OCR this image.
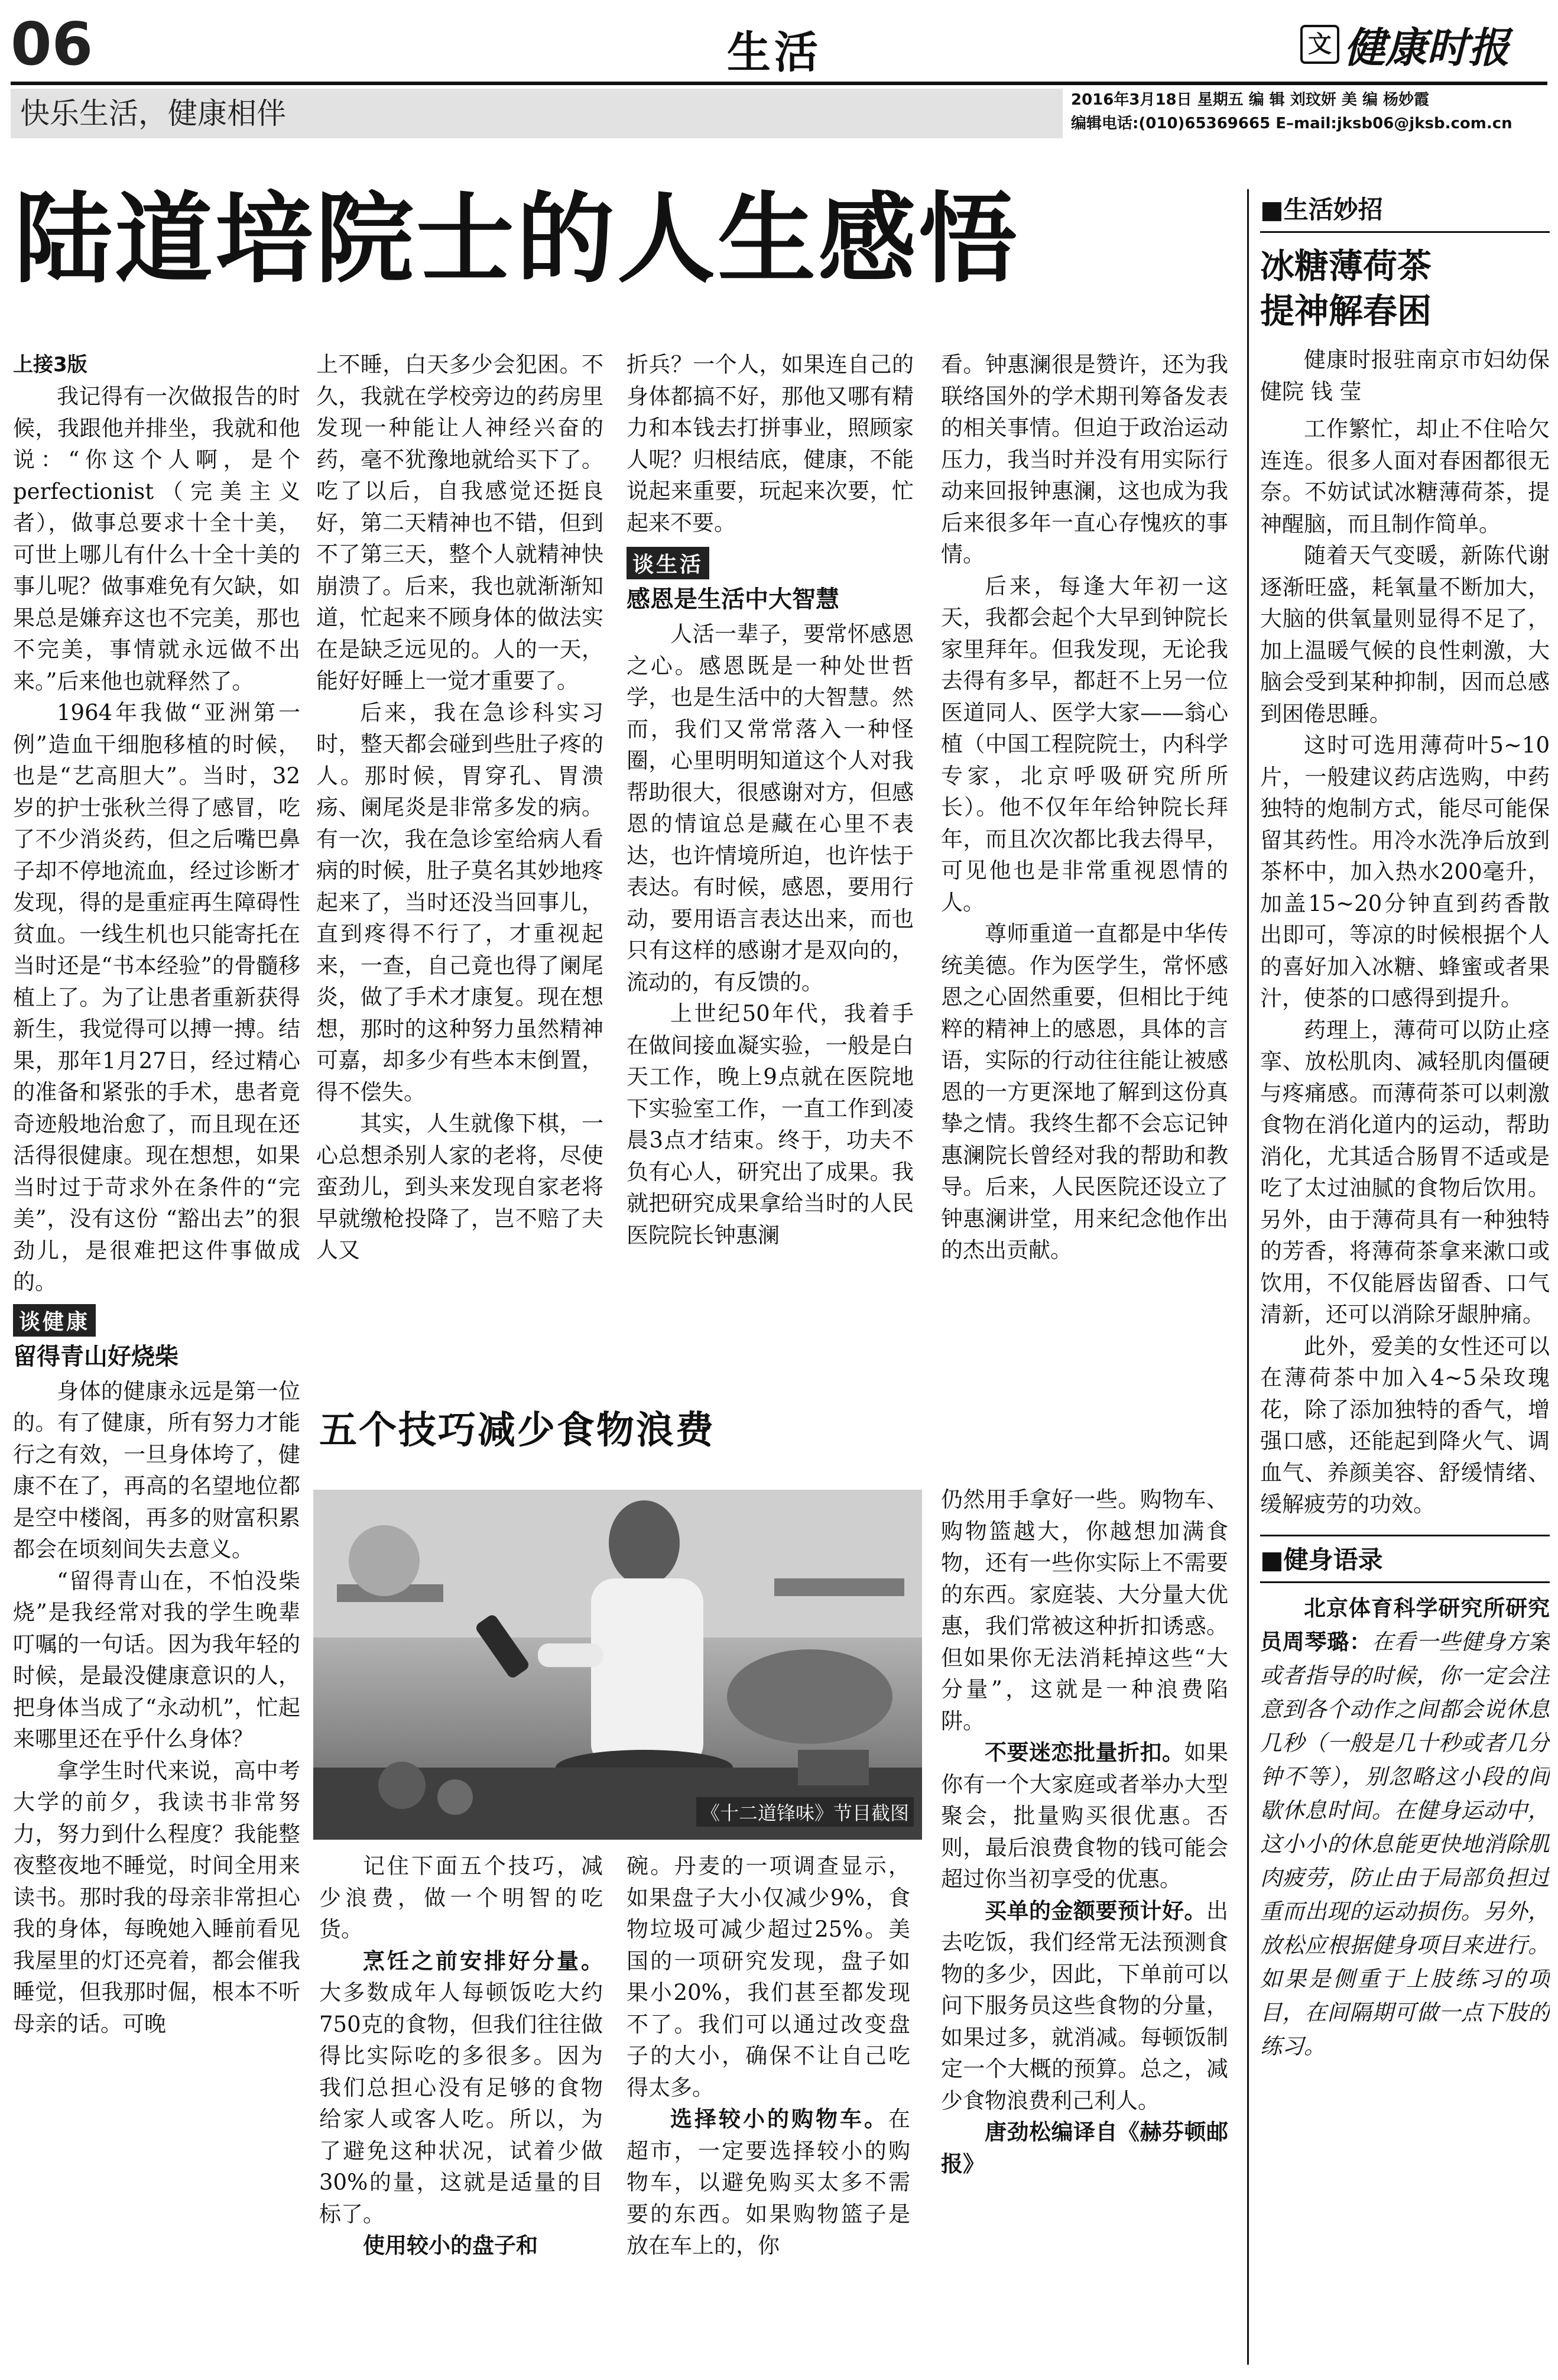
06	生活	文 健康时报
快乐生活，健康相伴	2016年3月18日 星期五 编 辑 刘玟妍 美 编 杨妙霞
编辑电话:(010)65369665 E–mail:jksb06@jksb.com.cn
陆道培院士的人生感悟
上接3版

我记得有一次做报告的时候，我跟他并排坐，我就和他说：“你这个人啊，是个perfectionist（完美主义者），做事总要求十全十美，可世上哪儿有什么十全十美的事儿呢？做事难免有欠缺，如果总是嫌弃这也不完美，那也不完美，事情就永远做不出来。”后来他也就释然了。

1964年我做“亚洲第一例”造血干细胞移植的时候，也是“艺高胆大”。当时，32岁的护士张秋兰得了感冒，吃了不少消炎药，但之后嘴巴鼻子却不停地流血，经过诊断才发现，得的是重症再生障碍性贫血。一线生机也只能寄托在当时还是“书本经验”的骨髓移植上了。为了让患者重新获得新生，我觉得可以搏一搏。结果，那年1月27日，经过精心的准备和紧张的手术，患者竟奇迹般地治愈了，而且现在还活得很健康。现在想想，如果当时过于苛求外在条件的“完美”，没有这份 “豁出去”的狠劲儿，是很难把这件事做成的。

谈健康
留得青山好烧柴

身体的健康永远是第一位的。有了健康，所有努力才能行之有效，一旦身体垮了，健康不在了，再高的名望地位都是空中楼阁，再多的财富积累都会在顷刻间失去意义。

“留得青山在，不怕没柴烧”是我经常对我的学生晚辈叮嘱的一句话。因为我年轻的时候，是最没健康意识的人，把身体当成了“永动机”，忙起来哪里还在乎什么身体？

拿学生时代来说，高中考大学的前夕，我读书非常努力，努力到什么程度？我能整夜整夜地不睡觉，时间全用来读书。那时我的母亲非常担心我的身体，每晚她入睡前看见我屋里的灯还亮着，都会催我睡觉，但我那时倔，根本不听母亲的话。可晚

上不睡，白天多少会犯困。不久，我就在学校旁边的药房里发现一种能让人神经兴奋的药，毫不犹豫地就给买下了。吃了以后，自我感觉还挺良好，第二天精神也不错，但到不了第三天，整个人就精神快崩溃了。后来，我也就渐渐知道，忙起来不顾身体的做法实在是缺乏远见的。人的一天，能好好睡上一觉才重要了。

后来，我在急诊科实习时，整天都会碰到些肚子疼的人。那时候，胃穿孔、胃溃疡、阑尾炎是非常多发的病。有一次，我在急诊室给病人看病的时候，肚子莫名其妙地疼起来了，当时还没当回事儿，直到疼得不行了，才重视起来，一查，自己竟也得了阑尾炎，做了手术才康复。现在想想，那时的这种努力虽然精神可嘉，却多少有些本末倒置，得不偿失。

其实，人生就像下棋，一心总想杀别人家的老将，尽使蛮劲儿，到头来发现自家老将早就缴枪投降了，岂不赔了夫人又

折兵？一个人，如果连自己的身体都搞不好，那他又哪有精力和本钱去打拼事业，照顾家人呢？归根结底，健康，不能说起来重要，玩起来次要，忙起来不要。

谈生活
感恩是生活中大智慧

人活一辈子，要常怀感恩之心。感恩既是一种处世哲学，也是生活中的大智慧。然而，我们又常常落入一种怪圈，心里明明知道这个人对我帮助很大，很感谢对方，但感恩的情谊总是藏在心里不表达，也许情境所迫，也许怯于表达。有时候，感恩，要用行动，要用语言表达出来，而也只有这样的感谢才是双向的，流动的，有反馈的。

上世纪50年代，我着手在做间接血凝实验，一般是白天工作，晚上9点就在医院地下实验室工作，一直工作到凌晨3点才结束。终于，功夫不负有心人，研究出了成果。我就把研究成果拿给当时的人民医院院长钟惠澜

看。钟惠澜很是赞许，还为我联络国外的学术期刊筹备发表的相关事情。但迫于政治运动压力，我当时并没有用实际行动来回报钟惠澜，这也成为我后来很多年一直心存愧疚的事情。

后来，每逢大年初一这天，我都会起个大早到钟院长家里拜年。但我发现，无论我去得有多早，都赶不上另一位医道同人、医学大家——翁心植（中国工程院院士，内科学专家，北京呼吸研究所所长）。他不仅年年给钟院长拜年，而且次次都比我去得早，可见他也是非常重视恩情的人。

尊师重道一直都是中华传统美德。作为医学生，常怀感恩之心固然重要，但相比于纯粹的精神上的感恩，具体的言语，实际的行动往往能让被感恩的一方更深地了解到这份真挚之情。我终生都不会忘记钟惠澜院长曾经对我的帮助和教导。后来，人民医院还设立了钟惠澜讲堂，用来纪念他作出的杰出贡献。

五个技巧减少食物浪费
《十二道锋味》节目截图

记住下面五个技巧，减少浪费，做一个明智的吃货。

烹饪之前安排好分量。大多数成年人每顿饭吃大约750克的食物，但我们往往做得比实际吃的多很多。因为我们总担心没有足够的食物给家人或客人吃。所以，为了避免这种状况，试着少做30%的量，这就是适量的目标了。

使用较小的盘子和

碗。丹麦的一项调查显示，如果盘子大小仅减少9%，食物垃圾可减少超过25%。美国的一项研究发现，盘子如果小20%，我们甚至都发现不了。我们可以通过改变盘子的大小，确保不让自己吃得太多。

选择较小的购物车。在超市，一定要选择较小的购物车，以避免购买太多不需要的东西。如果购物篮子是放在车上的，你

仍然用手拿好一些。购物车、购物篮越大，你越想加满食物，还有一些你实际上不需要的东西。家庭装、大分量大优惠，我们常被这种折扣诱惑。但如果你无法消耗掉这些“大分量”，这就是一种浪费陷阱。

不要迷恋批量折扣。如果你有一个大家庭或者举办大型聚会，批量购买很优惠。否则，最后浪费食物的钱可能会超过你当初享受的优惠。

买单的金额要预计好。出去吃饭，我们经常无法预测食物的多少，因此，下单前可以问下服务员这些食物的分量，如果过多，就消减。每顿饭制定一个大概的预算。总之，减少食物浪费利己利人。

唐劲松编译自《赫芬顿邮报》

■生活妙招
冰糖薄荷茶
提神解春困

健康时报驻南京市妇幼保健院 钱 莹

工作繁忙，却止不住哈欠连连。很多人面对春困都很无奈。不妨试试冰糖薄荷茶，提神醒脑，而且制作简单。

随着天气变暖，新陈代谢逐渐旺盛，耗氧量不断加大，大脑的供氧量则显得不足了，加上温暖气候的良性刺激，大脑会受到某种抑制，因而总感到困倦思睡。

这时可选用薄荷叶5~10片，一般建议药店选购，中药独特的炮制方式，能尽可能保留其药性。用冷水洗净后放到茶杯中，加入热水200毫升，加盖15~20分钟直到药香散出即可，等凉的时候根据个人的喜好加入冰糖、蜂蜜或者果汁，使茶的口感得到提升。

药理上，薄荷可以防止痉挛、放松肌肉、减轻肌肉僵硬与疼痛感。而薄荷茶可以刺激食物在消化道内的运动，帮助消化，尤其适合肠胃不适或是吃了太过油腻的食物后饮用。另外，由于薄荷具有一种独特的芳香，将薄荷茶拿来漱口或饮用，不仅能唇齿留香、口气清新，还可以消除牙龈肿痛。

此外，爱美的女性还可以在薄荷茶中加入4~5朵玫瑰花，除了添加独特的香气，增强口感，还能起到降火气、调血气、养颜美容、舒缓情绪、缓解疲劳的功效。

■健身语录

北京体育科学研究所研究员周琴璐：在看一些健身方案或者指导的时候，你一定会注意到各个动作之间都会说休息几秒（一般是几十秒或者几分钟不等），别忽略这小段的间歇休息时间。在健身运动中，这小小的休息能更快地消除肌肉疲劳，防止由于局部负担过重而出现的运动损伤。另外，放松应根据健身项目来进行。如果是侧重于上肢练习的项目，在间隔期可做一点下肢的练习。
